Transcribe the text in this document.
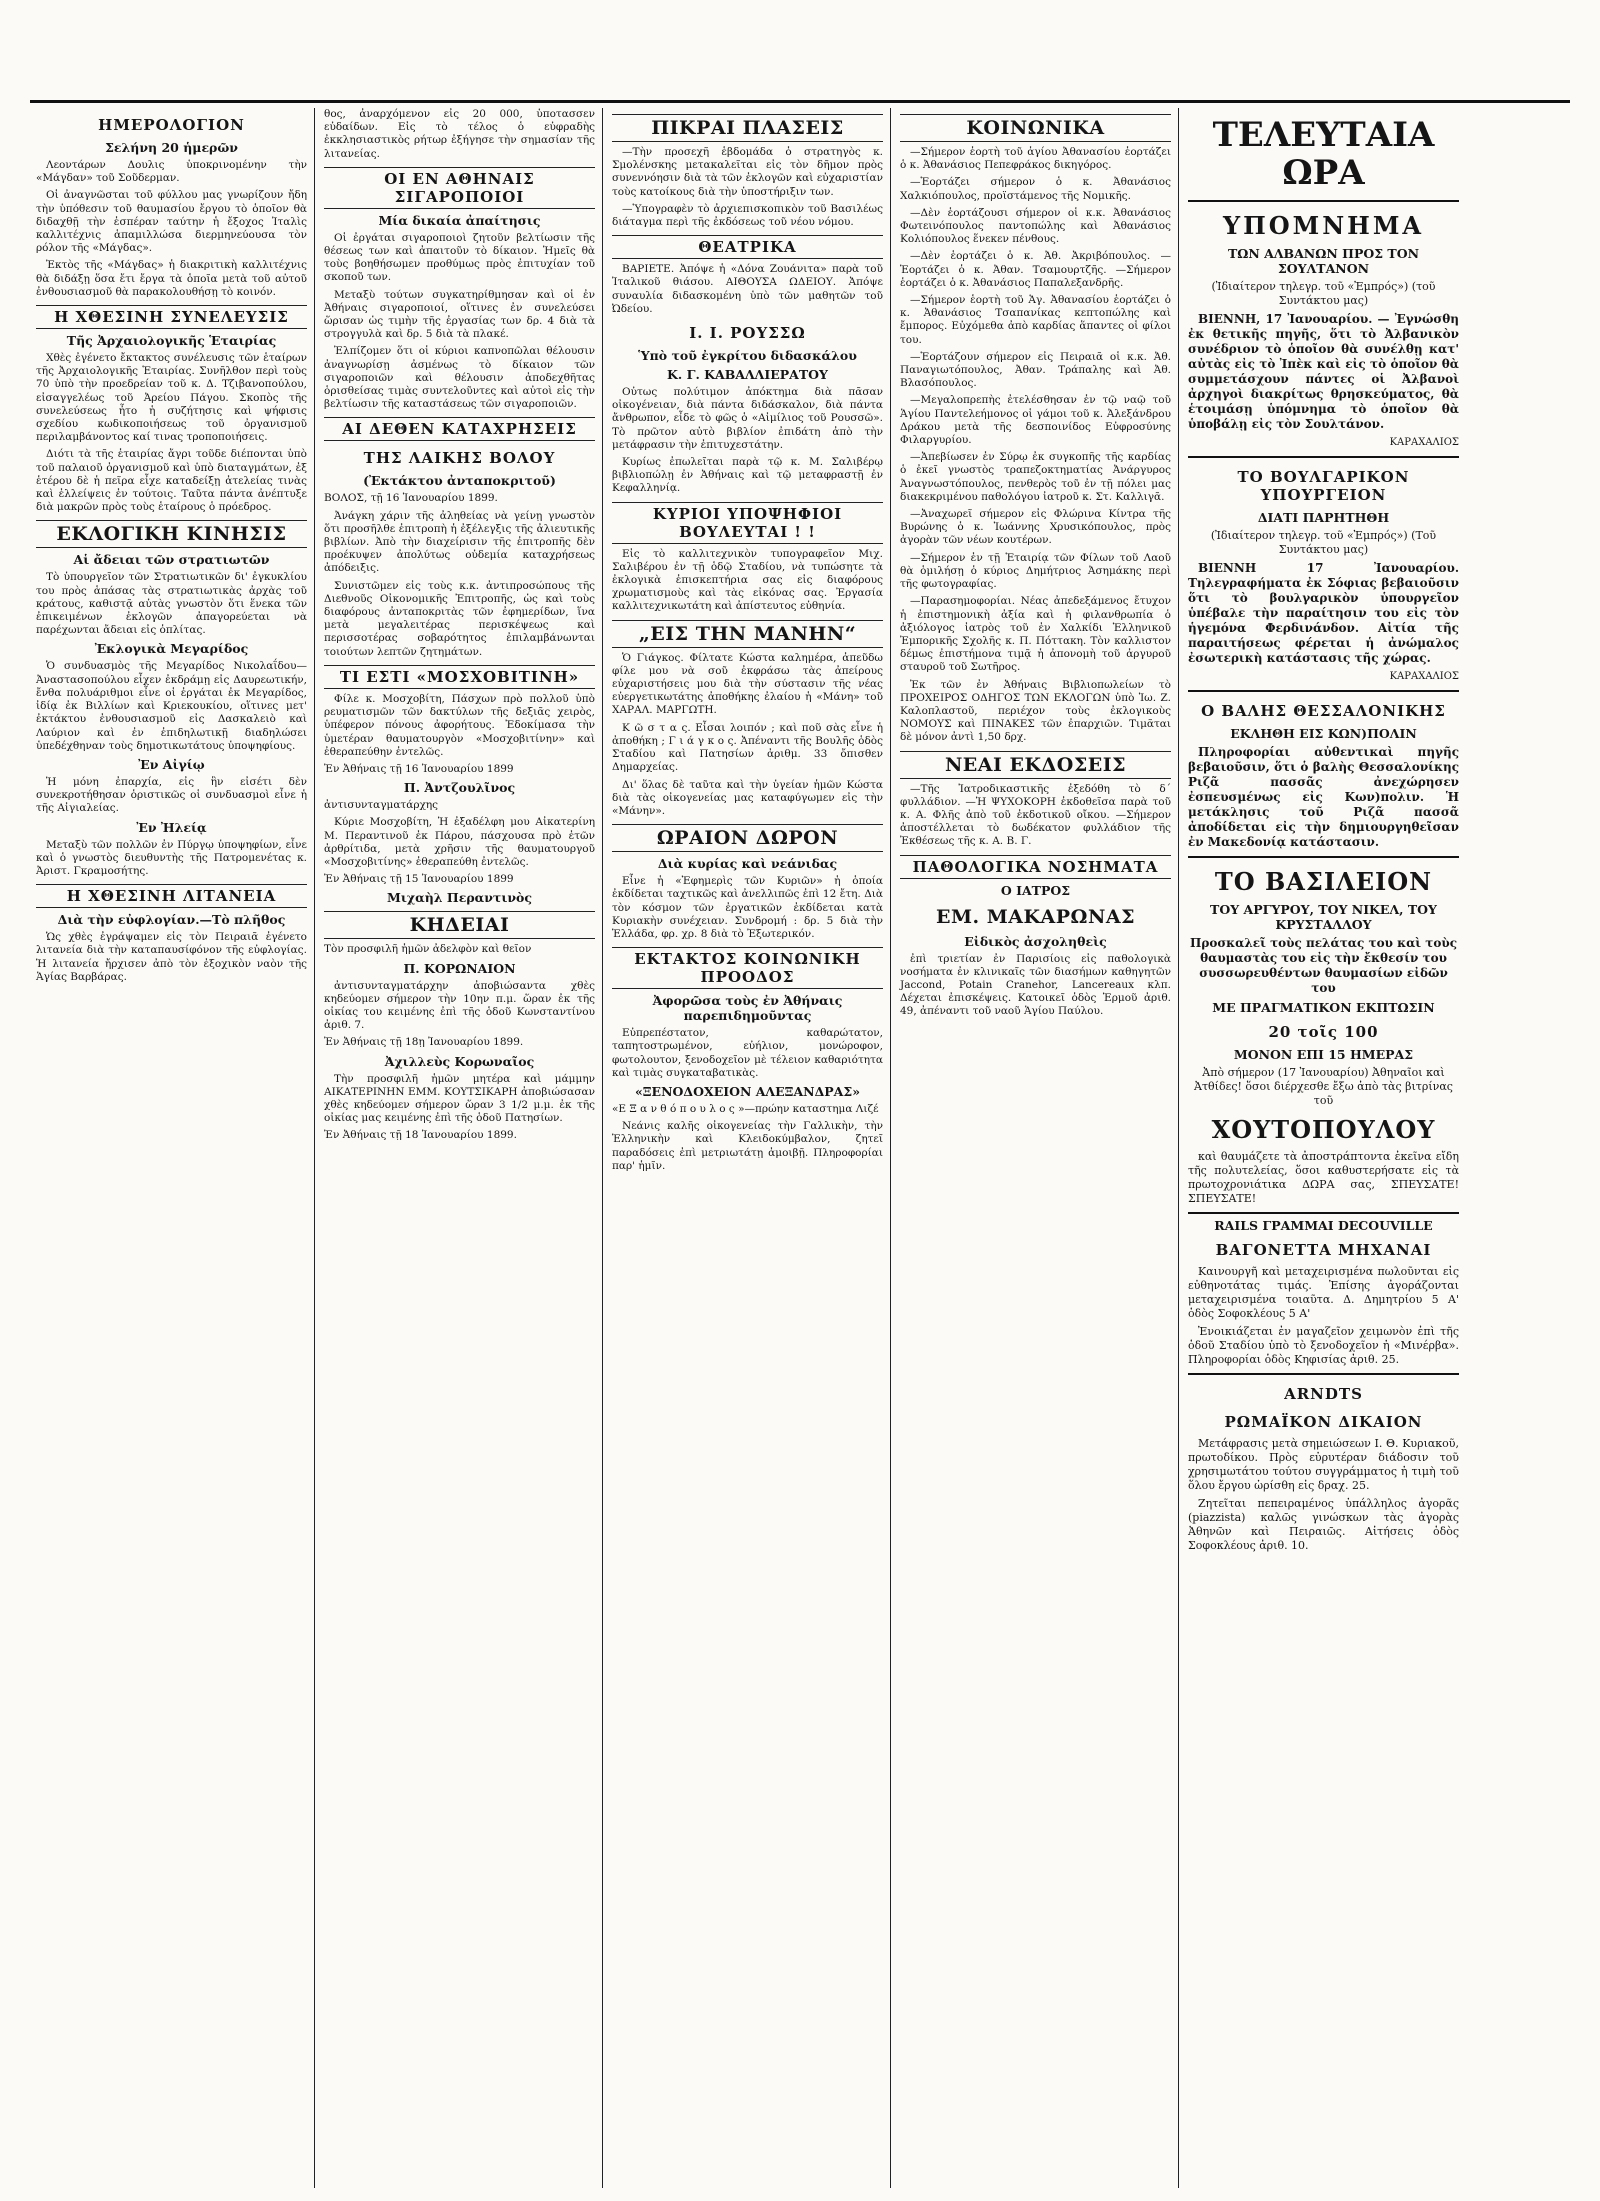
ΗΜΕΡΟΛΟΓΙΟΝ
Σελήνη 20 ἡμερῶν

Λεοντάρων Δουλις ὑποκρινομένην τὴν «Μάγδαν» τοῦ Σοῦδερμαν.

Οἱ ἀναγνῶσται τοῦ φύλλου μας γνωρίζουν ἤδη τὴν ὑπόθεσιν τοῦ θαυμασίου ἔργου τὸ ὁποῖον θὰ διδαχθῇ τὴν ἑσπέραν ταύτην ἡ ἔξοχος Ἰταλὶς καλλιτέχνις ἁπαμιλλώσα διερμηνεύουσα τὸν ρόλον τῆς «Μάγδας».

Ἐκτὸς τῆς «Μάγδας» ἡ διακριτικὴ καλλιτέχνις θὰ διδάξῃ ὅσα ἔτι ἔργα τὰ ὁποῖα μετὰ τοῦ αὐτοῦ ἐνθουσιασμοῦ θὰ παρακολουθήσῃ τὸ κοινόν.

Η ΧΘΕΣΙΝΗ ΣΥΝΕΛΕΥΣΙΣ
Τῆς Ἀρχαιολογικῆς Ἑταιρίας

Χθὲς ἐγένετο ἔκτακτος συνέλευσις τῶν ἑταίρων τῆς Ἀρχαιολογικῆς Ἑταιρίας. Συνῆλθον περὶ τοὺς 70 ὑπὸ τὴν προεδρείαν τοῦ κ. Δ. Τζιβανοπούλου, εἰσαγγελέως τοῦ Ἀρείου Πάγου. Σκοπὸς τῆς συνελεύσεως ἦτο ἡ συζήτησις καὶ ψήφισις σχεδίου κωδικοποιήσεως τοῦ ὀργανισμοῦ περιλαμβάνοντος καί τινας τροποποιήσεις.

Διότι τὰ τῆς ἑταιρίας ἄγρι τοῦδε διέπονται ὑπὸ τοῦ παλαιοῦ ὀργανισμοῦ καὶ ὑπὸ διαταγμάτων, ἐξ ἑτέρου δὲ ἡ πεῖρα εἶχε καταδείξῃ ἀτελείας τινὰς καὶ ἐλλείψεις ἐν τούτοις. Ταῦτα πάντα ἀνέπτυξε διὰ μακρῶν πρὸς τοὺς ἑταίρους ὁ πρόεδρος.

ΕΚΛΟΓΙΚΗ ΚΙΝΗΣΙΣ
Αἱ ἄδειαι τῶν στρατιωτῶν

Τὸ ὑπουργεῖον τῶν Στρατιωτικῶν δι' ἐγκυκλίου του πρὸς ἁπάσας τὰς στρατιωτικὰς ἀρχὰς τοῦ κράτους, καθιστᾷ αὐτὰς γνωστὸν ὅτι ἕνεκα τῶν ἐπικειμένων ἐκλογῶν ἀπαγορεύεται νὰ παρέχωνται ἄδειαι εἰς ὁπλίτας.

Ἐκλογικὰ Μεγαρίδος

Ὁ συνδυασμὸς τῆς Μεγαρίδος Νικολαΐδου—Ἀναστασοπούλου εἶχεν ἐκδράμῃ εἰς Δαυρεωτικήν, ἔνθα πολυάριθμοι εἶνε οἱ ἐργάται ἐκ Μεγαρίδος, ἰδίᾳ ἐκ Βιλλίων καὶ Κριεκουκίου, οἵτινες μετ' ἐκτάκτου ἐνθουσιασμοῦ εἰς Δασκαλειὸ καὶ Λαύριον καὶ ἐν ἐπιδηλωτικῇ διαδηλώσει ὑπεδέχθηναν τοὺς δημοτικωτάτους ὑποψηφίους.

Ἐν Αἰγίῳ

Ἡ μόνη ἐπαρχία, εἰς ἣν εἰσέτι δὲν συνεκροτήθησαν ὁριστικῶς οἱ συνδυασμοὶ εἶνε ἡ τῆς Αἰγιαλείας.

Ἐν Ἠλείᾳ

Μεταξὺ τῶν πολλῶν ἐν Πύργῳ ὑποψηφίων, εἶνε καὶ ὁ γνωστὸς διευθυντὴς τῆς Πατρομενέτας κ. Ἀριστ. Γκραμοσήτης.

Η ΧΘΕΣΙΝΗ ΛΙΤΑΝΕΙΑ
Διὰ τὴν εὐφλογίαν.—Τὸ πλῆθος

Ὡς χθὲς ἐγράψαμεν εἰς τὸν Πειραιᾶ ἐγένετο λιτανεία διὰ τὴν καταπαυσίφόνον τῆς εὐφλογίας. Ἡ λιτανεία ἤρχισεν ἀπὸ τὸν ἐξοχικὸν ναὸν τῆς Ἁγίας Βαρβάρας.

θος, ἀναρχόμενον εἰς 20 000, ὑποτασσεν εὐδαίδων. Εἰς τὸ τέλος ὁ εὐφραδὴς ἐκκλησιαστικὸς ρήτωρ ἐξήγησε τὴν σημασίαν τῆς λιτανείας.

ΟΙ ΕΝ ΑΘΗΝΑΙΣ ΣΙΓΑΡΟΠΟΙΟΙ
Μία δικαία ἀπαίτησις

Οἱ ἐργάται σιγαροποιοὶ ζητοῦν βελτίωσιν τῆς θέσεως των καὶ ἀπαιτοῦν τὸ δίκαιον. Ἡμεῖς θὰ τοὺς βοηθήσωμεν προθύμως πρὸς ἐπιτυχίαν τοῦ σκοποῦ των.

Μεταξὺ τούτων συγκατηρίθμησαν καὶ οἱ ἐν Ἀθήναις σιγαροποιοί, οἵτινες ἐν συνελεύσει ὥρισαν ὡς τιμὴν τῆς ἐργασίας των δρ. 4 διὰ τὰ στρογγυλὰ καὶ δρ. 5 διὰ τὰ πλακέ.

Ἐλπίζομεν ὅτι οἱ κύριοι καπνοπῶλαι θέλουσιν ἀναγνωρίσῃ ἀσμένως τὸ δίκαιον τῶν σιγαροποιῶν καὶ θέλουσιν ἀποδεχθῆτας ὁρισθείσας τιμὰς συντελοῦντες καὶ αὐτοὶ εἰς τὴν βελτίωσιν τῆς καταστάσεως τῶν σιγαροποιῶν.

ΑΙ ΔΕΘΕΝ ΚΑΤΑΧΡΗΣΕΙΣ
ΤΗΣ ΛΑΙΚΗΣ ΒΟΛΟΥ
(Ἐκτάκτου ἀνταποκριτοῦ)

ΒΟΛΟΣ, τῇ 16 Ἰανουαρίου 1899.

Ἀνάγκη χάριν τῆς ἀληθείας νὰ γείνῃ γνωστὸν ὅτι προσῆλθε ἐπιτροπὴ ἡ ἐξέλεγξις τῆς ἀλιευτικῆς βιβλίων. Ἀπὸ τὴν διαχείρισιν τῆς ἐπιτροπῆς δὲν προέκυψεν ἀπολύτως οὐδεμία καταχρήσεως ἀπόδειξις.

Συνιστῶμεν εἰς τοὺς κ.κ. ἀντιπροσώπους τῆς Διεθνοῦς Οἰκονομικῆς Ἐπιτροπῆς, ὡς καὶ τοὺς διαφόρους ἀνταποκριτὰς τῶν ἐφημερίδων, ἵνα μετὰ μεγαλειτέρας περισκέψεως καὶ περισσοτέρας σοβαρότητος ἐπιλαμβάνωνται τοιούτων λεπτῶν ζητημάτων.

ΤΙ ΕΣΤΙ «ΜΟΣΧΟΒΙΤΙΝΗ»

Φίλε κ. Μοσχοβίτη, Πάσχων πρὸ πολλοῦ ὑπὸ ρευματισμῶν τῶν δακτύλων τῆς δεξιᾶς χειρὸς, ὑπέφερον πόνους ἀφορήτους. Ἐδοκίμασα τὴν ὑμετέραν θαυματουργὸν «Μοσχοβιτίνην» καὶ ἐθεραπεύθην ἐντελῶς.

Ἐν Ἀθήναις τῇ 16 Ἰανουαρίου 1899

Π. Ἀντζουλῖνος

ἀντισυνταγματάρχης

Κύριε Μοσχοβίτη, Ἡ ἐξαδέλφη μου Αἰκατερίνη Μ. Περαντινοῦ ἐκ Πάρου, πάσχουσα πρὸ ἐτῶν ἀρθρίτιδα, μετὰ χρῆσιν τῆς θαυματουργοῦ «Μοσχοβιτίνης» ἐθεραπεύθη ἐντελῶς.

Ἐν Ἀθήναις τῇ 15 Ἰανουαρίου 1899

Μιχαὴλ Περαντινὸς
ΚΗΔΕΙΑΙ

Τὸν προσφιλῆ ἡμῶν ἀδελφὸν καὶ θεῖον

Π. ΚΟΡΩΝΑΙΟΝ

ἀντισυνταγματάρχην ἀποβιώσαντα χθὲς κηδεύομεν σήμερον τὴν 10ην π.μ. ὥραν ἐκ τῆς οἰκίας του κειμένης ἐπὶ τῆς ὁδοῦ Κωνσταντίνου ἀριθ. 7.

Ἐν Ἀθήναις τῇ 18ῃ Ἰανουαρίου 1899.

Ἀχιλλεὺς Κορωναῖος

Τὴν προσφιλῆ ἡμῶν μητέρα καὶ μάμμην ΑΙΚΑΤΕΡΙΝΗΝ ΕΜΜ. ΚΟΥΤΣΙΚΑΡΗ ἀποβιώσασαν χθὲς κηδεύομεν σήμερον ὥραν 3 1/2 μ.μ. ἐκ τῆς οἰκίας μας κειμένης ἐπὶ τῆς ὁδοῦ Πατησίων.

Ἐν Ἀθήναις τῇ 18 Ἰανουαρίου 1899.

ΠΙΚΡΑΙ ΠΛΑΣΕΙΣ

—Τὴν προσεχῆ ἑβδομάδα ὁ στρατηγὸς κ. Σμολένσκης μετακαλεῖται εἰς τὸν δῆμον πρὸς συνεννόησιν διὰ τὰ τῶν ἐκλογῶν καὶ εὐχαριστίαν τοὺς κατοίκους διὰ τὴν ὑποστήριξιν των.

—Ὑπογραφὲν τὸ ἀρχιεπισκοπικὸν τοῦ Βασιλέως διάταγμα περὶ τῆς ἐκδόσεως τοῦ νέου νόμου.

ΘΕΑΤΡΙΚΑ

ΒΑΡΙΕΤΕ. Ἀπόψε ἡ «Δόνα Ζουάνιτα» παρὰ τοῦ Ἰταλικοῦ θιάσου. ΑΙΘΟΥΣΑ ΩΔΕΙΟΥ. Ἀπόψε συναυλία διδασκομένη ὑπὸ τῶν μαθητῶν τοῦ Ὠδείου.

Ι. Ι. ΡΟΥΣΣΩ
Ὑπὸ τοῦ ἐγκρίτου διδασκάλου
Κ. Γ. ΚΑΒΑΛΛΙΕΡΑΤΟΥ

Οὐτως πολύτιμον ἀπόκτημα διὰ πᾶσαν οἰκογένειαν, διὰ πάντα διδάσκαλον, διὰ πάντα ἄνθρωπον, εἶδε τὸ φῶς ὁ «Αἰμίλιος τοῦ Ρουσσῶ». Τὸ πρῶτον αὐτὸ βιβλίον ἐπιδάτη ἀπὸ τὴν μετάφρασιν τὴν ἐπιτυχεστάτην.

Κυρίως ἐπωλεῖται παρὰ τῷ κ. Μ. Σαλιβέρῳ βιβλιοπώλῃ ἐν Ἀθήναις καὶ τῷ μεταφραστῇ ἐν Κεφαλληνίᾳ.

ΚΥΡΙΟΙ ΥΠΟΨΗΦΙΟΙ ΒΟΥΛΕΥΤΑΙ ! !

Εἰς τὸ καλλιτεχνικὸν τυπογραφεῖον Μιχ. Σαλιβέρου ἐν τῇ ὁδῷ Σταδίου, νὰ τυπώσητε τὰ ἐκλογικὰ ἐπισκεπτήρια σας εἰς διαφόρους χρωματισμοὺς καὶ τὰς εἰκόνας σας. Ἐργασία καλλιτεχνικωτάτη καὶ ἀπίστευτος εὐθηνία.

„ΕΙΣ ΤΗΝ ΜΑΝΗΝ“

Ὁ Γιάγκος. Φίλτατε Κώστα καλημέρα, ἀπεῦδω φίλε μου νὰ σοῦ ἐκφράσω τὰς ἀπείρους εὐχαριστήσεις μου διὰ τὴν σύστασιν τῆς νέας εὐεργετικωτάτης ἀποθήκης ἐλαίου ἡ «Μάνη» τοῦ ΧΑΡΑΛ. ΜΑΡΓΩΤΗ.

Κ ῶ σ τ α ς. Εἶσαι λοιπόν ; καὶ ποῦ σὰς εἶνε ἡ ἀποθήκη ; Γ ι ά γ κ ο ς. Ἀπέναντι τῆς Βουλῆς ὁδὸς Σταδίου καὶ Πατησίων ἀριθμ. 33 ὄπισθεν Δημαρχείας.

Δι' ὅλας δὲ ταῦτα καὶ τὴν ὑγείαν ἡμῶν Κώστα διὰ τὰς οἰκογενείας μας καταφύγωμεν εἰς τὴν «Μάνην».

ΩΡΑΙΟΝ ΔΩΡΟΝ
Διὰ κυρίας καὶ νεάνιδας

Εἶνε ἡ «Ἐφημερὶς τῶν Κυριῶν» ἡ ὁποία ἐκδίδεται ταχτικῶς καὶ ἀνελλιπῶς ἐπὶ 12 ἔτη. Διὰ τὸν κόσμον τῶν ἐργατικῶν ἐκδίδεται κατὰ Κυριακὴν συνέχειαν. Συνδρομή : δρ. 5 διὰ τὴν Ἑλλάδα, φρ. χρ. 8 διὰ τὸ Ἐξωτερικόν.

ΕΚΤΑΚΤΟΣ ΚΟΙΝΩΝΙΚΗ ΠΡΟΟΔΟΣ
Ἀφορῶσα τοὺς ἐν Ἀθήναις παρεπιδημοῦντας

Εὐπρεπέστατον, καθαρώτατον, ταπητοστρωμένον, εὐήλιον, μονώροφον, φωτολουτον, ξενοδοχεῖον μὲ τέλειον καθαριότητα καὶ τιμὰς συγκαταβατικὰς.

«ΞΕΝΟΔΟΧΕΙΟΝ ΑΛΕΞΑΝΔΡΑΣ»

«Ε Ξ α ν θ ό π ο υ λ ο ς »—πρώην καταστημα Λιζέ

Νεάνις καλῆς οἰκογενείας τὴν Γαλλικὴν, τὴν Ἑλληνικὴν καὶ Κλειδοκύμβαλον, ζητεῖ παραδόσεις ἐπὶ μετριωτάτῃ ἀμοιβῇ. Πληροφορίαι παρ' ἡμῖν.

ΚΟΙΝΩΝΙΚΑ

—Σήμερον ἑορτὴ τοῦ ἁγίου Ἀθανασίου ἑορτάζει ὁ κ. Ἀθανάσιος Πεπεφράκος δικηγόρος.

—Ἑορτάζει σήμερον ὁ κ. Ἀθανάσιος Χαλκιόπουλος, προϊστάμενος τῆς Νομικῆς.

—Δὲν ἑορτάζουσι σήμερον οἱ κ.κ. Ἀθανάσιος Φωτεινόπουλος παντοπώλης καὶ Ἀθανάσιος Κολιόπουλος ἕνεκεν πένθους.

—Δὲν ἑορτάζει ὁ κ. Ἀθ. Ἀκριβόπουλος. —Ἑορτάζει ὁ κ. Ἀθαν. Τσαμουρτζῆς. —Σήμερον ἑορτάζει ὁ κ. Ἀθανάσιος Παπαλεξανδρῆς.

—Σήμερον ἑορτὴ τοῦ Ἁγ. Ἀθανασίου ἑορτάζει ὁ κ. Ἀθανάσιος Τσαπανίκας κεπτοπώλης καὶ ἔμπορος. Εὐχόμεθα ἀπὸ καρδίας ἅπαντες οἱ φίλοι του.

—Ἑορτάζουν σήμερον εἰς Πειραιᾶ οἱ κ.κ. Ἀθ. Παναγιωτόπουλος, Ἀθαν. Τράπαλης καὶ Ἀθ. Βλασόπουλος.

—Μεγαλοπρεπὴς ἐτελέσθησαν ἐν τῷ ναῷ τοῦ Ἁγίου Παντελεήμονος οἱ γάμοι τοῦ κ. Ἀλεξάνδρου Δράκου μετὰ τῆς δεσποινίδος Εὐφροσύνης Φιλαργυρίου.

—Ἀπεβίωσεν ἐν Σύρῳ ἐκ συγκοπῆς τῆς καρδίας ὁ ἐκεῖ γνωστὸς τραπεζοκτηματίας Ἀνάργυρος Ἀναγνωστόπουλος, πενθερὸς τοῦ ἐν τῇ πόλει μας διακεκριμένου παθολόγου ἰατροῦ κ. Στ. Καλλιγᾶ.

—Ἀναχωρεῖ σήμερον εἰς Φλώρινα Κίντρα τῆς Βυρώνης ὁ κ. Ἰωάννης Χρυσικόπουλος, πρὸς ἀγορὰν τῶν νέων κουτέρων.

—Σήμερον ἐν τῇ Ἑταιρίᾳ τῶν Φίλων τοῦ Λαοῦ θὰ ὁμιλήσῃ ὁ κύριος Δημήτριος Ἀσημάκης περὶ τῆς φωτογραφίας.

—Παρασημοφορίαι. Νέας ἀπεδεξάμενος ἔτυχον ἡ ἐπιστημονικὴ ἀξία καὶ ἡ φιλανθρωπία ὁ ἀξιόλογος ἰατρὸς τοῦ ἐν Χαλκίδι Ἑλληνικοῦ Ἐμπορικῆς Σχολῆς κ. Π. Πόττακη. Τὸν καλλιστον δέμως ἐπιστήμονα τιμᾷ ἡ ἀπονομὴ τοῦ ἀργυροῦ σταυροῦ τοῦ Σωτῆρος.

Ἐκ τῶν ἐν Ἀθήναις Βιβλιοπωλείων τὸ ΠΡΟΧΕΙΡΟΣ ΟΔΗΓΟΣ ΤΩΝ ΕΚΛΟΓΩΝ ὑπὸ Ἰω. Ζ. Καλοπλαστοῦ, περιέχον τοὺς ἐκλογικοὺς ΝΟΜΟΥΣ καὶ ΠΙΝΑΚΕΣ τῶν ἐπαρχιῶν. Τιμᾶται δὲ μόνον ἀντὶ 1,50 δρχ.

ΝΕΑΙ ΕΚΔΟΣΕΙΣ

—Τῆς Ἰατροδικαστικῆς ἐξεδόθη τὸ δ΄ φυλλάδιον. —Ἡ ΨΥΧΟΚΟΡΗ ἐκδοθεῖσα παρὰ τοῦ κ. Α. Φλῆς ἀπὸ τοῦ ἐκδοτικοῦ οἴκου. —Σήμερον ἀποστέλλεται τὸ δωδέκατον φυλλάδιον τῆς Ἐκθέσεως τῆς κ. Α. Β. Γ.

ΠΑΘΟΛΟΓΙΚΑ ΝΟΣΗΜΑΤΑ
Ο ΙΑΤΡΟΣ
ΕΜ. ΜΑΚΑΡΩΝΑΣ
Εἰδικὸς ἀσχοληθεὶς

ἐπὶ τριετίαν ἐν Παρισίοις εἰς παθολογικὰ νοσήματα ἐν κλινικαῖς τῶν διασήμων καθηγητῶν Jaccond, Potain Cranehor, Lancereaux κλπ. Δέχεται ἐπισκέψεις. Κατοικεῖ ὁδὸς Ἑρμοῦ ἀριθ. 49, ἀπέναντι τοῦ ναοῦ Ἁγίου Παύλου.

ΤΕΛΕΥΤΑΙΑ ΩΡΑ
ΥΠΟΜΝΗΜΑ
ΤΩΝ ΑΛΒΑΝΩΝ ΠΡΟΣ ΤΟΝ ΣΟΥΛΤΑΝΟΝ

(Ἰδιαίτερον τηλεγρ. τοῦ «Ἐμπρός») (τοῦ Συντάκτου μας)

ΒΙΕΝΝΗ, 17 Ἰανουαρίου. — Ἐγνώσθη ἐκ θετικῆς πηγῆς, ὅτι τὸ Ἀλβανικὸν συνέδριον τὸ ὁποῖον θὰ συνέλθῃ κατ' αὐτὰς εἰς τὸ Ἰπὲκ καὶ εἰς τὸ ὁποῖον θὰ συμμετάσχουν πάντες οἱ Ἀλβανοὶ ἀρχηγοὶ διακρίτως θρησκεύματος, θὰ ἑτοιμάσῃ ὑπόμνημα τὸ ὁποῖον θὰ ὑποβάλῃ εἰς τὸν Σουλτάνον.

ΚΑΡΑΧΑΛΙΟΣ

ΤΟ ΒΟΥΛΓΑΡΙΚΟΝ ΥΠΟΥΡΓΕΙΟΝ
ΔΙΑΤΙ ΠΑΡΗΤΗΘΗ

(Ἰδιαίτερον τηλεγρ. τοῦ «Ἐμπρός») (Τοῦ Συντάκτου μας)

ΒΙΕΝΝΗ 17 Ἰανουαρίου. Τηλεγραφήματα ἐκ Σόφιας βεβαιοῦσιν ὅτι τὸ βουλγαρικὸν ὑπουργεῖον ὑπέβαλε τὴν παραίτησιν του εἰς τὸν ἡγεμόνα Φερδινάνδον. Αἰτία τῆς παραιτήσεως φέρεται ἡ ἀνώμαλος ἐσωτερικὴ κατάστασις τῆς χώρας.

ΚΑΡΑΧΑΛΙΟΣ

Ο ΒΑΛΗΣ ΘΕΣΣΑΛΟΝΙΚΗΣ
ΕΚΛΗΘΗ ΕΙΣ ΚΩΝ)ΠΟΛΙΝ

Πληροφορίαι αὐθεντικαὶ πηγῆς βεβαιοῦσιν, ὅτι ὁ βαλὴς Θεσσαλονίκης Ριζᾶ πασσᾶς ἀνεχώρησεν ἐσπευσμένως εἰς Κων)πολιν. Ἡ μετάκλησις τοῦ Ριζᾶ πασσᾶ ἀποδίδεται εἰς τὴν δημιουργηθεῖσαν ἐν Μακεδονίᾳ κατάστασιν.

ΤΟ ΒΑΣΙΛΕΙΟΝ
ΤΟΥ ΑΡΓΥΡΟΥ, ΤΟΥ ΝΙΚΕΛ, ΤΟΥ ΚΡΥΣΤΑΛΛΟΥ

Προσκαλεῖ τοὺς πελάτας του καὶ τοὺς θαυμαστὰς του εἰς τὴν ἔκθεσίν του συσσωρευθέντων θαυμασίων εἰδῶν του

ΜΕ ΠΡΑΓΜΑΤΙΚΟΝ ΕΚΠΤΩΣΙΝ
20 τοῖς 100
ΜΟΝΟΝ ΕΠΙ 15 ΗΜΕΡΑΣ

Ἀπὸ σήμερον (17 Ἰανουαρίου) Ἀθηναῖοι καὶ Ἀτθίδες! ὅσοι διέρχεσθε ἔξω ἀπὸ τὰς βιτρίνας τοῦ

ΧΟΥΤΟΠΟΥΛΟΥ

καὶ θαυμάζετε τὰ ἀποστράπτοντα ἐκεῖνα εἴδη τῆς πολυτελείας, ὅσοι καθυστερήσατε εἰς τὰ πρωτοχρονιάτικα ΔΩΡΑ σας, ΣΠΕΥΣΑΤΕ! ΣΠΕΥΣΑΤΕ!

RAILS ΓΡΑΜΜΑΙ DECOUVILLE
ΒΑΓΟΝΕΤΤΑ ΜΗΧΑΝΑΙ

Καινουργῆ καὶ μεταχειρισμένα πωλοῦνται εἰς εὐθηνοτάτας τιμάς. Ἐπίσης ἀγοράζονται μεταχειρισμένα τοιαῦτα. Δ. Δημητρίου 5 Α' ὁδὸς Σοφοκλέους 5 Α'

Ἐνοικιάζεται ἐν μαγαζεῖον χειμωνὸν ἐπὶ τῆς ὁδοῦ Σταδίου ὑπὸ τὸ ξενοδοχεῖον ἡ «Μινέρβα». Πληροφορίαι ὁδὸς Κηφισίας ἀριθ. 25.

ARNDTS
ΡΩΜΑΪΚΟΝ ΔΙΚΑΙΟΝ

Μετάφρασις μετὰ σημειώσεων Ι. Θ. Κυριακοῦ, πρωτοδίκου. Πρὸς εὐρυτέραν διάδοσιν τοῦ χρησιμωτάτου τούτου συγγράμματος ἡ τιμὴ τοῦ ὅλου ἔργου ὡρίσθη εἰς δραχ. 25.

Ζητεῖται πεπειραμένος ὑπάλληλος ἀγορᾶς (piazzista) καλῶς γινώσκων τὰς ἀγορὰς Ἀθηνῶν καὶ Πειραιῶς. Αἰτήσεις ὁδὸς Σοφοκλέους ἀριθ. 10.
